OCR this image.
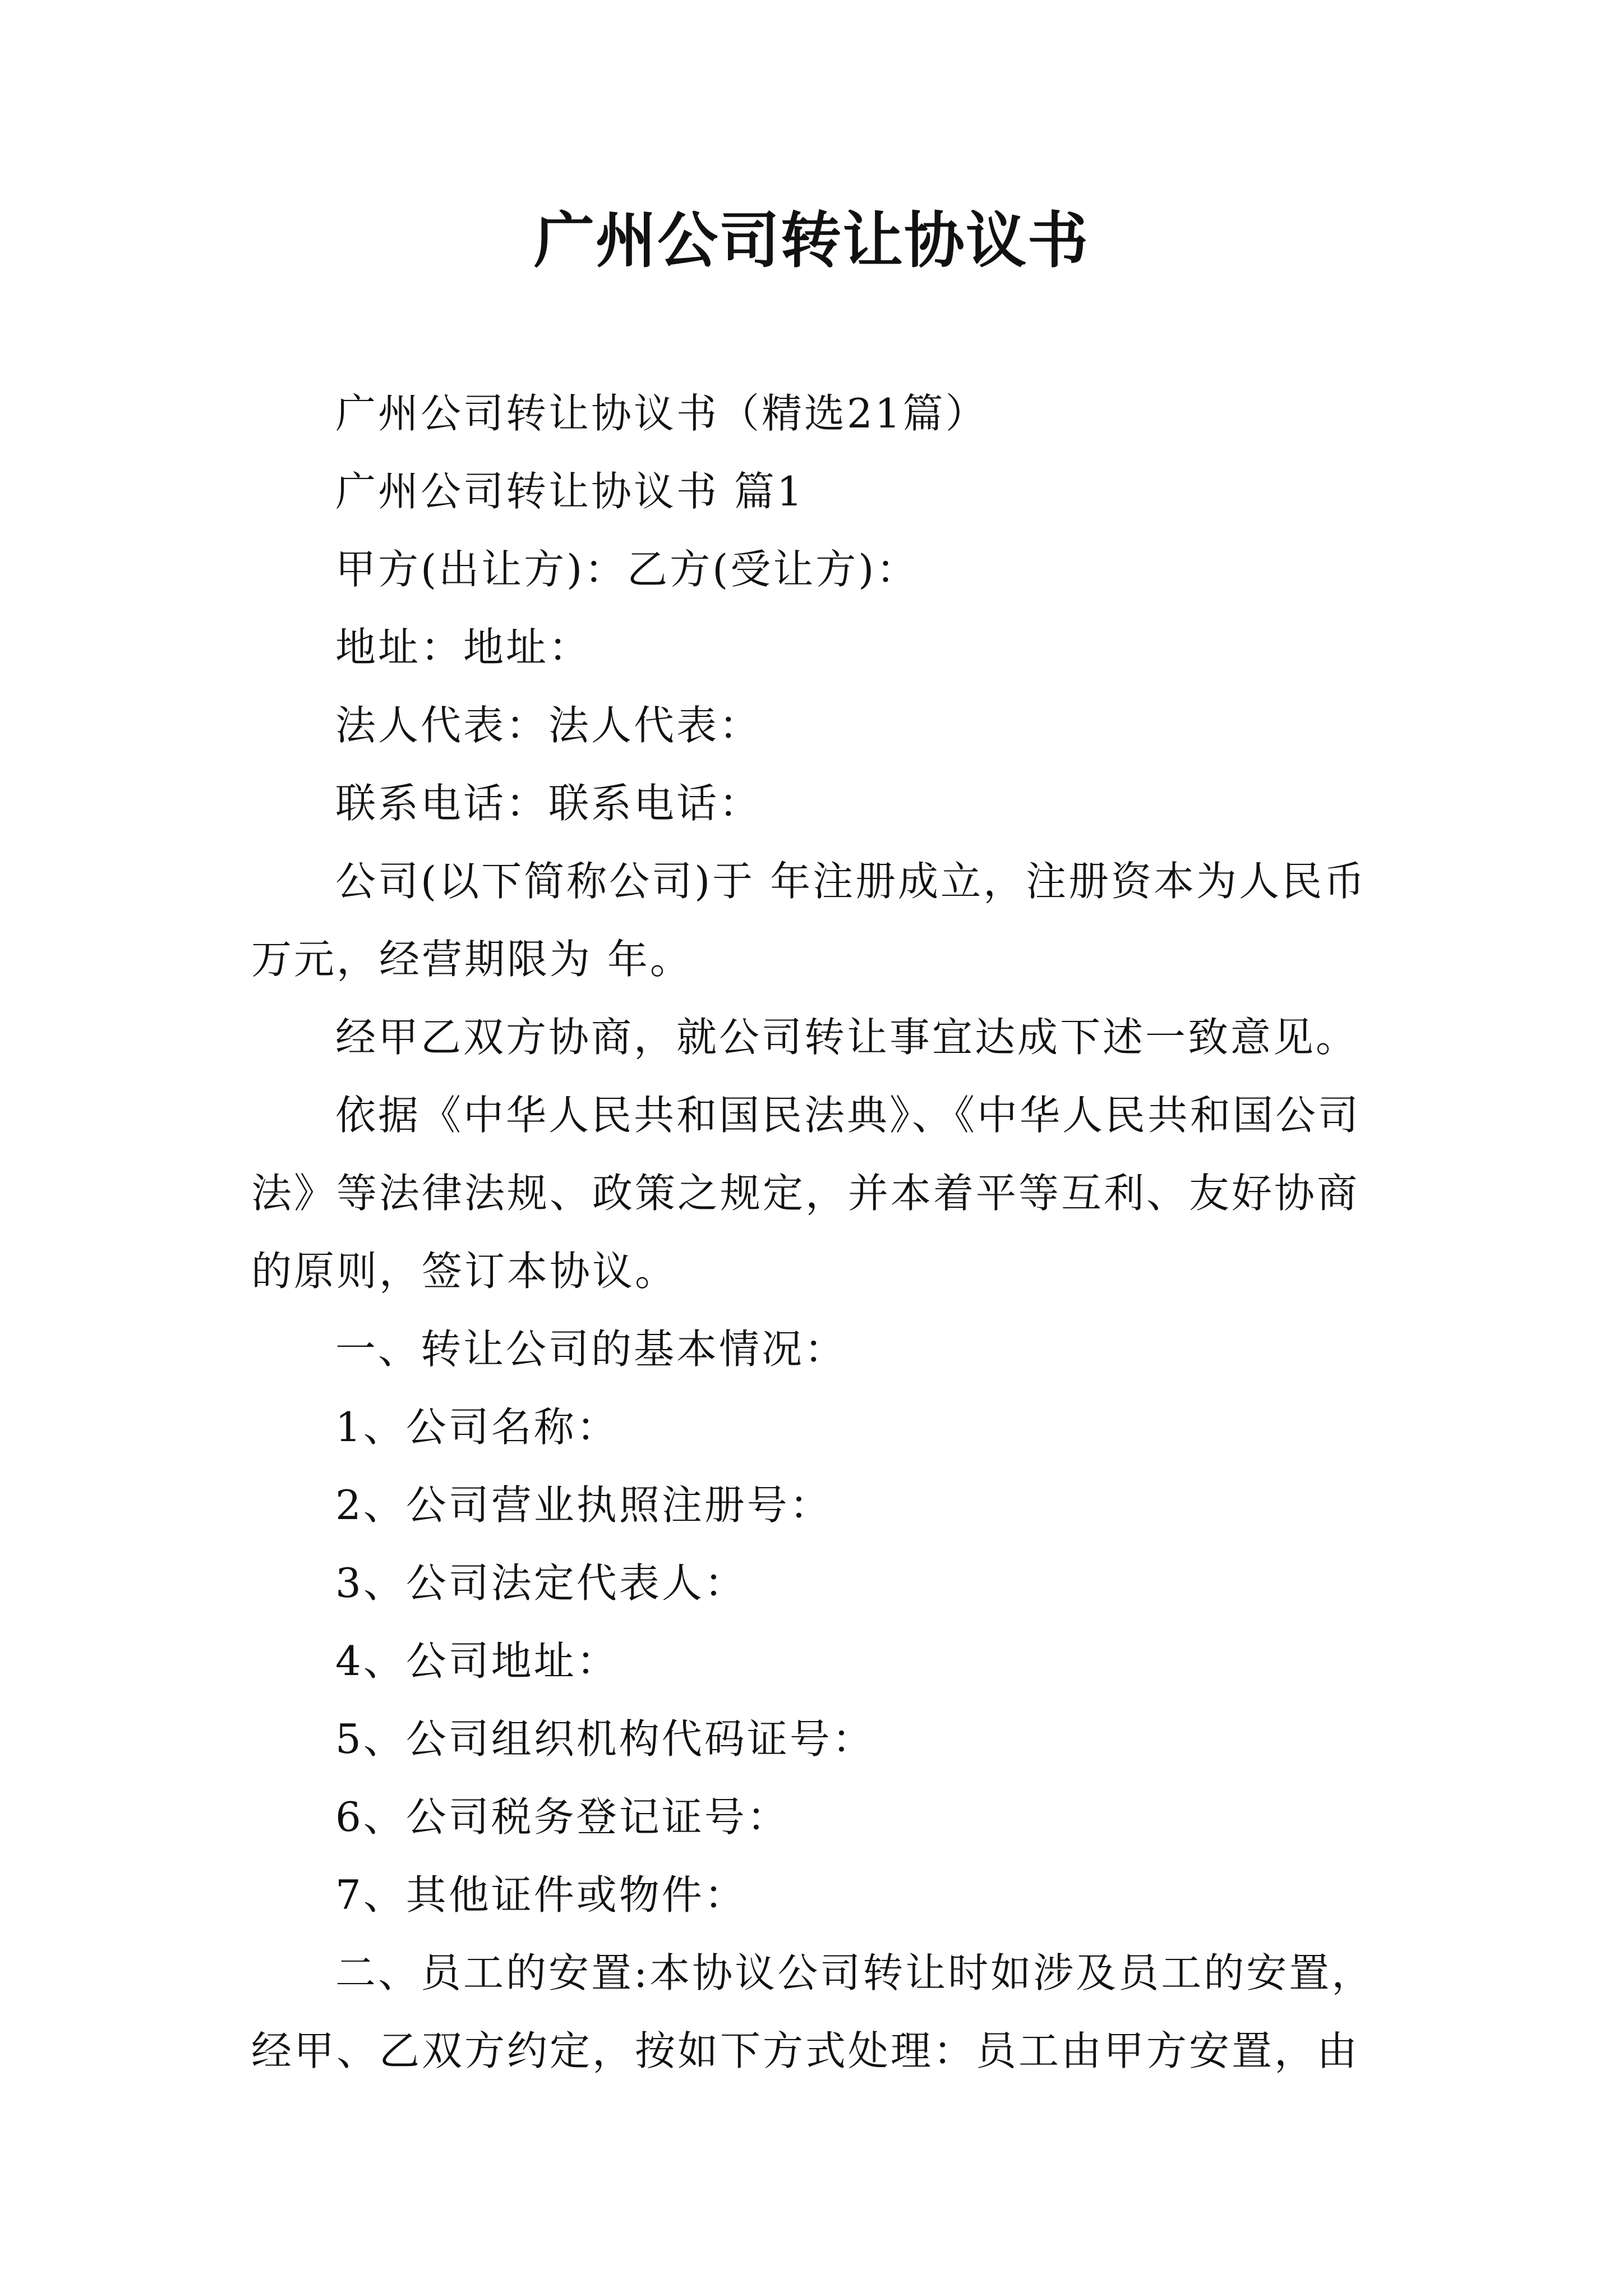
广州公司转让协议书

广州公司转让协议书（精选21篇）

广州公司转让协议书 篇1

甲方(出让方)：乙方(受让方)：

地址：地址：

法人代表：法人代表：

联系电话：联系电话：

公司(以下简称公司)于 年注册成立，注册资本为人民币　　万元，经营期限为 年。

经甲乙双方协商，就公司转让事宜达成下述一致意见。

依据《中华人民共和国民法典》、《中华人民共和国公司法》等法律法规、政策之规定，并本着平等互利、友好协商的原则，签订本协议。

一、转让公司的基本情况：

1、公司名称：

2、公司营业执照注册号：

3、公司法定代表人：

4、公司地址：

5、公司组织机构代码证号：

6、公司税务登记证号：

7、其他证件或物件：

二、员工的安置:本协议公司转让时如涉及员工的安置，经甲、乙双方约定，按如下方式处理：员工由甲方安置，由
